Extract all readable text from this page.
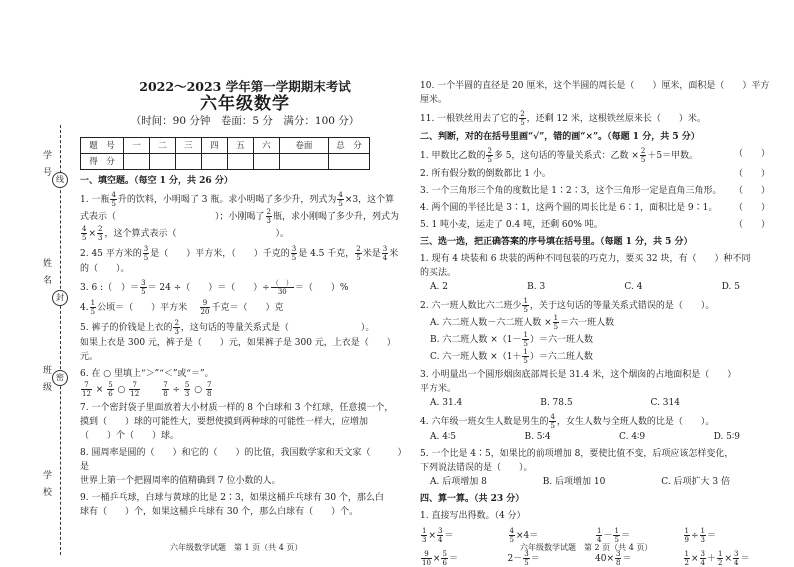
学号
姓名
班级
学校
线
封
密
2022～2023 学年第一学期期末考试
六年级数学
（时间：90 分钟　卷面：5 分　满分：100 分）
题　号	一	二	三	四	五	六	卷面	总　分
得　分								
一、填空题。（每空 1 分，共 26 分）
1. 一瓶 $\frac{4}{5}$ 升的饮料，小明喝了 3 瓶。求小明喝了多少升，列式为 $\frac{4}{5} \times 3$，这个算
式表示（　　　　　　　　　　　）；小刚喝了 $\frac{2}{3}$ 瓶，求小刚喝了多少升，列式为

$\frac{4}{5} \times \frac{2}{3}$ ，这个算式表示（　　　　　　　　　　　）。
2. 45 平方米的 $\frac{3}{5}$ 是（　　）平方米，（　　）千克的 $\frac{3}{5}$ 是 4.5 千克， $\frac{2}{5}$ 米是 $\frac{3}{4}$ 米
的（　　）。
3. 6 :（　）＝ $\frac{3}{5} = 24$ ÷（　　）＝（　　）÷ $\frac{( )}{30}$ ＝（　　）%
4. $\frac{1}{5}$ 公顷＝（　　）平方米 $\frac{9}{20}$ 千克＝（　　）克
5. 裤子的价钱是上衣的 $\frac{2}{3}$ ，这句话的等量关系式是（　　　　　　　　）。
如果上衣是 300 元，裤子是（　　）元，如果裤子是 300 元，上衣是（　　）元。
6. 在 ○ 里填上“＞”“＜”或“＝”。

$\frac{7}{12} \times \frac{5}{6}$ ○ $\frac{7}{12}$
	$\frac{7}{8} \div \frac{5}{3}$ ○ $\frac{7}{8}$
7. 一个密封袋子里面放着大小材质一样的 8 个白球和 3 个红球，任意摸一个，
摸到（　　）球的可能性大，要想使摸到两种球的可能性一样大，应增加
（　　）个（　　）球。
8. 圆周率是圆的（　　）和它的（　　）的比值，我国数学家和天文家（　　　）是
世界上第一个把圆周率的值精确到 7 位小数的人。
9. 一桶乒乓球，白球与黄球的比是 2∶3，如果这桶乒乓球有 30 个，那么白
球有（　　）个，如果这桶乒乓球有 30 个，那么白球有（　　）个。
六年级数学试题　第 1 页（共 4 页）
10. 一个半圆的直径是 20 厘米，这个半圆的周长是（　　）厘米，面积是（　　）平方厘米。
11. 一根铁丝用去了它的 $\frac{2}{5}$ ，还剩 12 米，这根铁丝原来长（　　）米。
二、判断，对的在括号里画“√”，错的画“×”。（每题 1 分，共 5 分）
1. 甲数比乙数的 $\frac{2}{5}$ 多 5，这句话的等量关系式：乙数 × $\frac{2}{5} +5=$甲数。	（　　）
2. 所有假分数的倒数都比 1 小。	（　　）
3. 一个三角形三个角的度数比是 1∶2∶3，这个三角形一定是直角三角形。 （　　）
4. 两个圆的半径比是 3∶1，这两个圆的周长比是 6∶1，面积比是 9∶1。 （　　）
5. 1 吨小麦，运走了 0.4 吨，还剩 60% 吨。	（　　）
三、选一选，把正确答案的序号填在括号里。（每题 1 分，共 5 分）
1. 现有 4 块装和 6 块装的两种不同包装的巧克力，要买 32 块，有（　　）种不同
的买法。
A. 2	B. 3	C. 4	D. 5
2. 六一班人数比六二班少 $\frac{1}{5}$ ，关于这句话的等量关系式错误的是（　　）。
A. 六二班人数－六二班人数 × $\frac{1}{5}$ ＝六一班人数
B. 六二班人数 $\times(1- \frac{1}{5}$ ）＝六一班人数
C. 六一班人数 $\times(1+ \frac{1}{5}$ ）＝六二班人数
3. 小明量出一个圆形烟囱底部周长是 31.4 米，这个烟囱的占地面积是（　　）
平方米。
A. 31.4	B. 78.5	C. 314
4. 六年级一班女生人数是男生的 $\frac{4}{5}$ ，女生人数与全班人数的比是（　　）。
A. 4∶5	B. 5∶4	C. 4∶9	D. 5∶9
5. 一个比是 4∶5，如果比的前项增加 8，要使比值不变，后项应该怎样变化，
下列说法错误的是（　　）。
A. 后项增加 8	B. 后项增加 10	C. 后项扩大 3 倍
四、算一算。（共 23 分）
1. 直接写出得数。（4 分）
$\frac{1}{3} \times \frac{3}{4}$ ＝	$\frac{4}{5} \times 4=$	$\frac{1}{4} - \frac{1}{5}$ ＝	$\frac{1}{9} \div \frac{1}{3}$ ＝
$\frac{9}{10} \times \frac{5}{6}$ ＝	$2- \frac{3}{5}$ ＝	$40\times \frac{3}{8}$ ＝	$\frac{1}{2} \times \frac{3}{4} + \frac{1}{2} \times \frac{3}{4}$ ＝
六年级数学试题　第 2 页（共 4 页）
